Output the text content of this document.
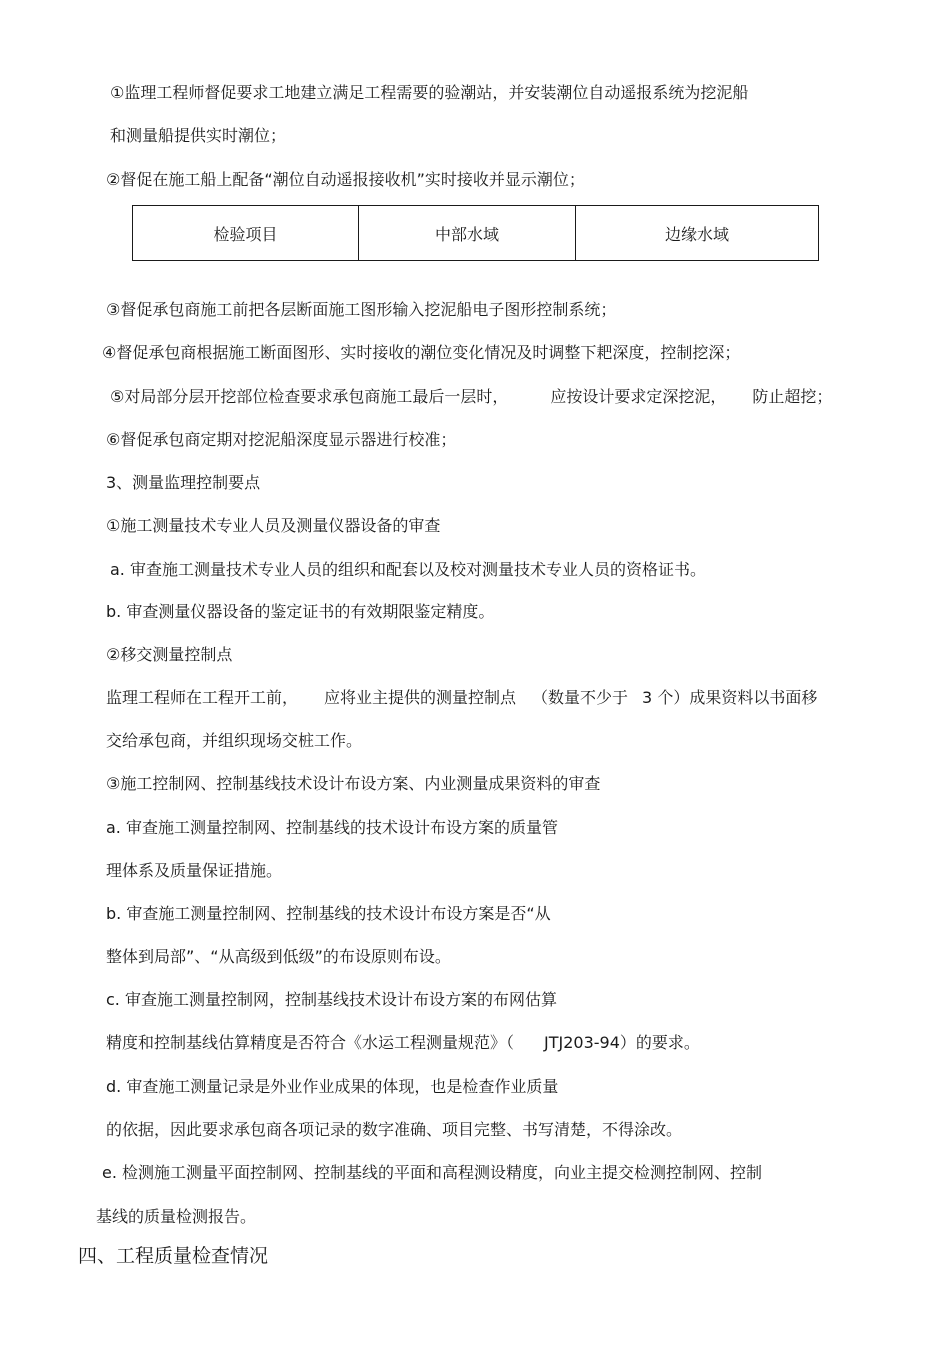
①监理工程师督促要求工地建立满足工程需要的验潮站，并安装潮位自动遥报系统为挖泥船
和测量船提供实时潮位；
②督促在施工船上配备“潮位自动遥报接收机”实时接收并显示潮位；
检验项目	中部水域	边缘水域
③督促承包商施工前把各层断面施工图形输入挖泥船电子图形控制系统；
④督促承包商根据施工断面图形、实时接收的潮位变化情况及时调整下耙深度，控制挖深；
⑤对局部分层开挖部位检查要求承包商施工最后一层时，	应按设计要求定深挖泥， 防止超挖；
⑥督促承包商定期对挖泥船深度显示器进行校准；
3、测量监理控制要点
①施工测量技术专业人员及测量仪器设备的审查
a. 审查施工测量技术专业人员的组织和配套以及校对测量技术专业人员的资格证书。
b. 审查测量仪器设备的鉴定证书的有效期限鉴定精度。
②移交测量控制点
监理工程师在工程开工前， 应将业主提供的测量控制点 （数量不少于 3 个）成果资料以书面移
交给承包商，并组织现场交桩工作。
③施工控制网、控制基线技术设计布设方案、内业测量成果资料的审查
a. 审查施工测量控制网、控制基线的技术设计布设方案的质量管
理体系及质量保证措施。
b. 审查施工测量控制网、控制基线的技术设计布设方案是否“从
整体到局部”、“从高级到低级”的布设原则布设。
c. 审查施工测量控制网，控制基线技术设计布设方案的布网估算
精度和控制基线估算精度是否符合《水运工程测量规范》（ JTJ203-94）的要求。
d. 审查施工测量记录是外业作业成果的体现，也是检查作业质量
的依据，因此要求承包商各项记录的数字准确、项目完整、书写清楚，不得涂改。
e. 检测施工测量平面控制网、控制基线的平面和高程测设精度，向业主提交检测控制网、控制
基线的质量检测报告。
四、工程质量检查情况
